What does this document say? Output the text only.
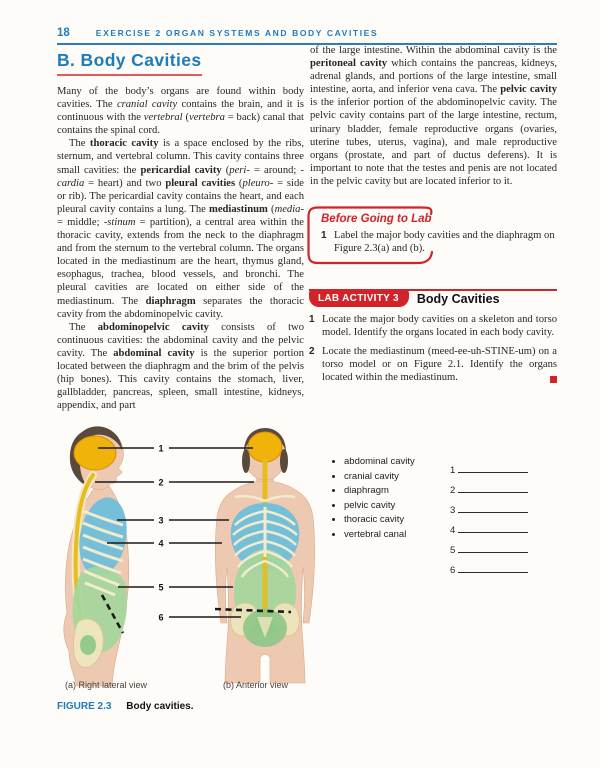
18	EXERCISE 2 ORGAN SYSTEMS AND BODY CAVITIES
B. Body Cavities

Many of the body’s organs are found within body cavities. The cranial cavity contains the brain, and it is continuous with the vertebral (vertebra = back) canal that contains the spinal cord.

The thoracic cavity is a space enclosed by the ribs, sternum, and vertebral column. This cavity contains three small cavities: the pericardial cavity (peri- = around; -cardia = heart) and two pleural cavities (pleuro- = side or rib). The pericardial cavity contains the heart, and each pleural cavity contains a lung. The mediastinum (media- = middle; -stinum = partition), a central area within the thoracic cavity, extends from the neck to the diaphragm and from the sternum to the vertebral column. The organs located in the mediastinum are the heart, thymus gland, esophagus, trachea, blood vessels, and bronchi. The pleural cavities are located on either side of the mediastinum. The diaphragm separates the thoracic cavity from the abdominopelvic cavity.

The abdominopelvic cavity consists of two continuous cavities: the abdominal cavity and the pelvic cavity. The abdominal cavity is the superior portion located between the diaphragm and the brim of the pelvis (hip bones). This cavity contains the stomach, liver, gallbladder, pancreas, spleen, small intestine, kidneys, appendix, and part

of the large intestine. Within the abdominal cavity is the peritoneal cavity which contains the pancreas, kidneys, adrenal glands, and portions of the large intestine, small intestine, aorta, and inferior vena cava. The pelvic cavity is the inferior portion of the abdominopelvic cavity. The pelvic cavity contains part of the large intestine, rectum, urinary bladder, female reproductive organs (ovaries, uterine tubes, uterus, vagina), and male reproductive organs (prostate, and part of ductus deferens). It is important to note that the testes and penis are not located in the pelvic cavity but are located inferior to it.

Before Going to Lab
1 Label the major body cavities and the diaphragm on Figure 2.3(a) and (b).
LAB ACTIVITY 3	Body Cavities
1 Locate the major body cavities on a skeleton and torso model. Identify the organs located in each body cavity.
2 Locate the mediastinum (meed-ee-uh-STINE-um) on a torso model or on Figure 2.1. Identify the organs located within the mediastinum.
1
2
3
4
5
6
• abdominal cavity
• cranial cavity
• diaphragm
• pelvic cavity
• thoracic cavity
• vertebral canal
1
2
3
4
5
6
(a) Right lateral view	(b) Anterior view
FIGURE 2.3 Body cavities.
